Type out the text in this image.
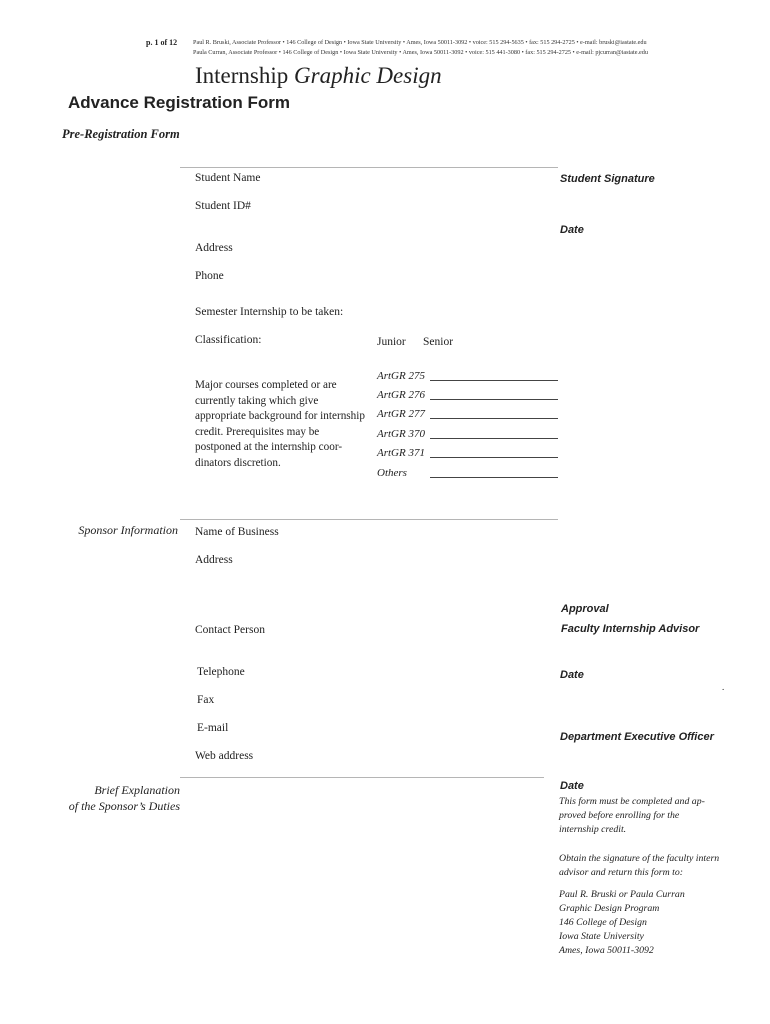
p. 1 of 12	Paul R. Bruski, Associate Professor • 146 College of Design • Iowa State University • Ames, Iowa 50011-3092 • voice: 515 294-5635 • fax: 515 294-2725 • e-mail: bruski@iastate.edu
Paula Curran, Associate Professor • 146 College of Design • Iowa State University • Ames, Iowa 50011-3092 • voice: 515 441-3080 • fax: 515 294-2725 • e-mail: pjcurran@iastate.edu
Internship Graphic Design
Advance Registration Form
Pre-Registration Form
Student Name
Student ID#
Address
Phone
Semester Internship to be taken:
Classification:	Junior Senior
Major courses completed or are currently taking which give appropriate background for internship credit. Prerequisites may be postponed at the internship coor-dinators discretion.
ArtGR 275
ArtGR 276
ArtGR 277
ArtGR 370
ArtGR 371
Others
Student Signature
Date
Sponsor Information Name of Business
Address
Contact Person
Telephone
Fax
E-mail
Web address
Approval
Faculty Internship Advisor
Date
.
Department Executive Officer
Brief Explanation
of the Sponsor’s Duties
Date
This form must be completed and ap-proved before enrolling for the internship credit.
Obtain the signature of the faculty intern advisor and return this form to:
Paul R. Bruski or Paula Curran
Graphic Design Program
146 College of Design
Iowa State University
Ames, Iowa 50011-3092
